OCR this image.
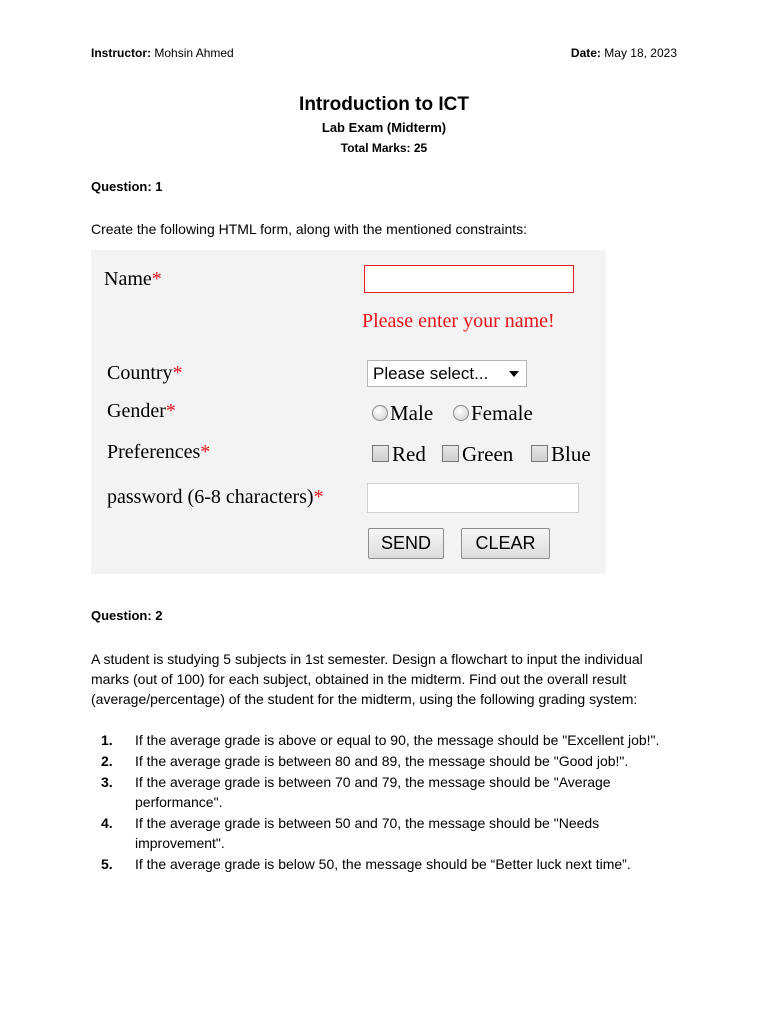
Instructor: Mohsin Ahmed	Date: May 18, 2023
Introduction to ICT
Lab Exam (Midterm)
Total Marks: 25
Question: 1
Create the following HTML form, along with the mentioned constraints:
Name*
Please enter your name!
Country*	Please select...
Gender*	Male	Female
Preferences*	Red	Green	Blue
password (6-8 characters)*
SEND	CLEAR
Question: 2
A student is studying 5 subjects in 1st semester. Design a flowchart to input the individual marks (out of 100) for each subject, obtained in the midterm. Find out the overall result (average/percentage) of the student for the midterm, using the following grading system:
1. If the average grade is above or equal to 90, the message should be "Excellent job!".
2. If the average grade is between 80 and 89, the message should be "Good job!".
3. If the average grade is between 70 and 79, the message should be "Average performance".
4. If the average grade is between 50 and 70, the message should be "Needs improvement".
5. If the average grade is below 50, the message should be “Better luck next time”.
